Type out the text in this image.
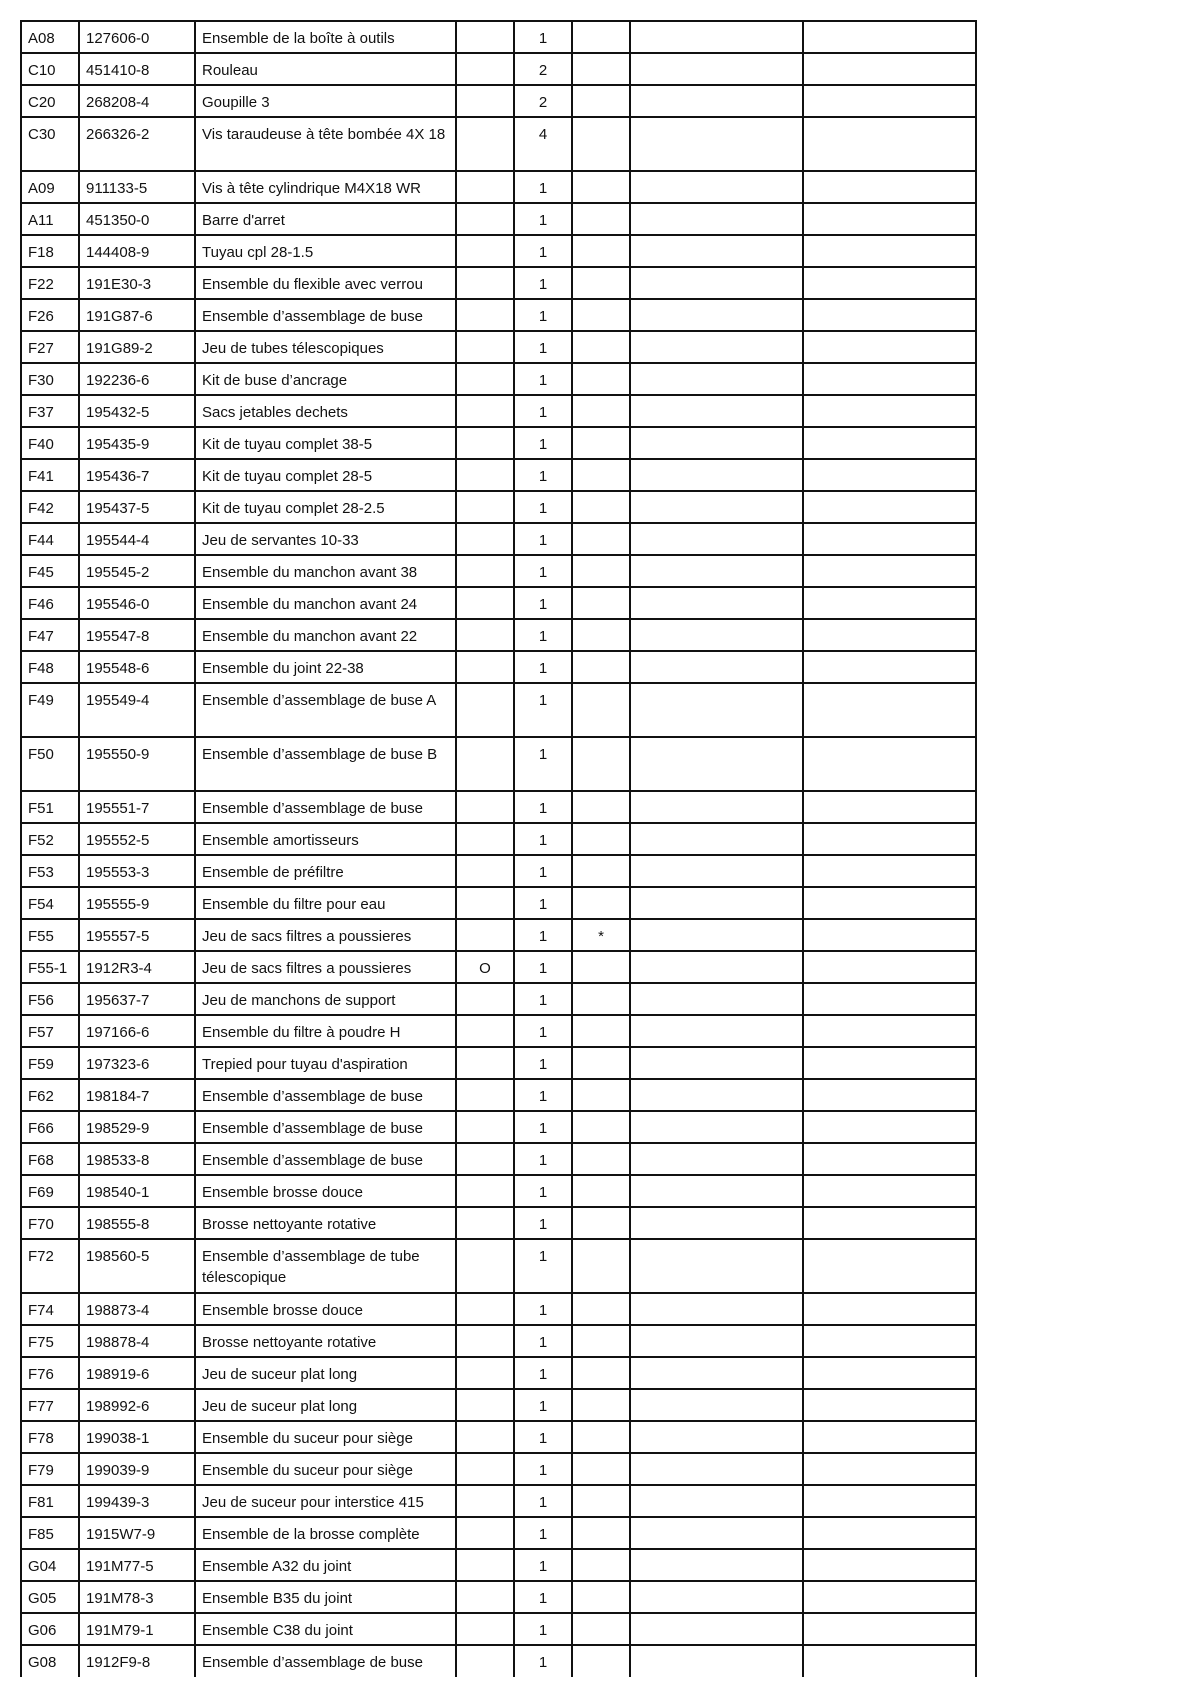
A08	127606-0	Ensemble de la boîte à outils		1			
C10	451410-8	Rouleau		2			
C20	268208-4	Goupille 3		2			
C30	266326-2	Vis taraudeuse à tête bombée 4X 18		4			
A09	911133-5	Vis à tête cylindrique M4X18 WR		1			
A11	451350-0	Barre d'arret		1			
F18	144408-9	Tuyau cpl 28-1.5		1			
F22	191E30-3	Ensemble du flexible avec verrou		1			
F26	191G87-6	Ensemble d’assemblage de buse		1			
F27	191G89-2	Jeu de tubes télescopiques		1			
F30	192236-6	Kit de buse d’ancrage		1			
F37	195432-5	Sacs jetables dechets		1			
F40	195435-9	Kit de tuyau complet 38-5		1			
F41	195436-7	Kit de tuyau complet 28-5		1			
F42	195437-5	Kit de tuyau complet 28-2.5		1			
F44	195544-4	Jeu de servantes 10-33		1			
F45	195545-2	Ensemble du manchon avant 38		1			
F46	195546-0	Ensemble du manchon avant 24		1			
F47	195547-8	Ensemble du manchon avant 22		1			
F48	195548-6	Ensemble du joint 22-38		1			
F49	195549-4	Ensemble d’assemblage de buse A		1			
F50	195550-9	Ensemble d’assemblage de buse B		1			
F51	195551-7	Ensemble d’assemblage de buse		1			
F52	195552-5	Ensemble amortisseurs		1			
F53	195553-3	Ensemble de préfiltre		1			
F54	195555-9	Ensemble du filtre pour eau		1			
F55	195557-5	Jeu de sacs filtres a poussieres		1	*		
F55-1	1912R3-4	Jeu de sacs filtres a poussieres	O	1			
F56	195637-7	Jeu de manchons de support		1			
F57	197166-6	Ensemble du filtre à poudre H		1			
F59	197323-6	Trepied pour tuyau d'aspiration		1			
F62	198184-7	Ensemble d’assemblage de buse		1			
F66	198529-9	Ensemble d’assemblage de buse		1			
F68	198533-8	Ensemble d’assemblage de buse		1			
F69	198540-1	Ensemble brosse douce		1			
F70	198555-8	Brosse nettoyante rotative		1			
F72	198560-5	Ensemble d’assemblage de tube télescopique		1			
F74	198873-4	Ensemble brosse douce		1			
F75	198878-4	Brosse nettoyante rotative		1			
F76	198919-6	Jeu de suceur plat long		1			
F77	198992-6	Jeu de suceur plat long		1			
F78	199038-1	Ensemble du suceur pour siège		1			
F79	199039-9	Ensemble du suceur pour siège		1			
F81	199439-3	Jeu de suceur pour interstice 415		1			
F85	1915W7-9	Ensemble de la brosse complète		1			
G04	191M77-5	Ensemble A32 du joint		1			
G05	191M78-3	Ensemble B35 du joint		1			
G06	191M79-1	Ensemble C38 du joint		1			
G08	1912F9-8	Ensemble d’assemblage de buse		1			
